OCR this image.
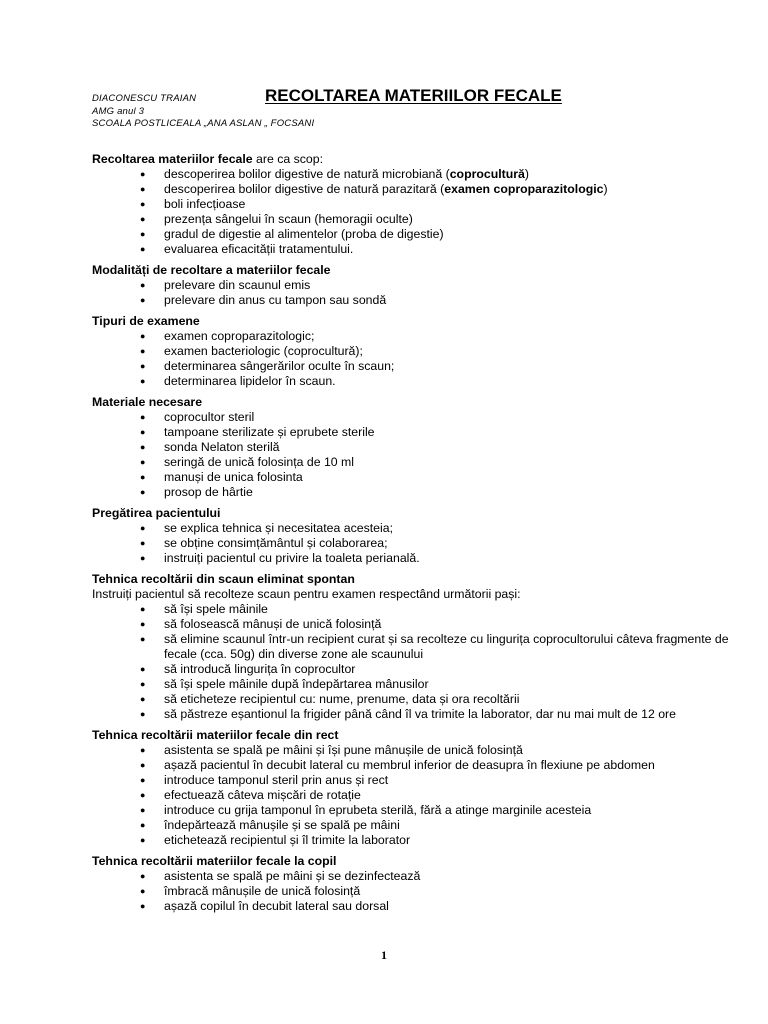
DIACONESCU TRAIAN
AMG anul 3
SCOALA POSTLICEALA „ANA ASLAN „ FOCSANI
RECOLTAREA MATERIILOR FECALE
Recoltarea materiilor fecale are ca scop:
● descoperirea bolilor digestive de natură microbiană (coprocultură)
● descoperirea bolilor digestive de natură parazitară (examen coproparazitologic)
● boli infecțioase
● prezența sângelui în scaun (hemoragii oculte)
● gradul de digestie al alimentelor (proba de digestie)
● evaluarea eficacității tratamentului.
Modalități de recoltare a materiilor fecale
● prelevare din scaunul emis
● prelevare din anus cu tampon sau sondă
Tipuri de examene
● examen coproparazitologic;
● examen bacteriologic (coprocultură);
● determinarea sângerărilor oculte în scaun;
● determinarea lipidelor în scaun.
Materiale necesare
● coprocultor steril
● tampoane sterilizate și eprubete sterile
● sonda Nelaton sterilă
● seringă de unică folosința de 10 ml
● manuși de unica folosinta
● prosop de hârtie
Pregătirea pacientului
● se explica tehnica și necesitatea acesteia;
● se obține consimțământul și colaborarea;
● instruiți pacientul cu privire la toaleta perianală.
Tehnica recoltării din scaun eliminat spontan
Instruiți pacientul să recolteze scaun pentru examen respectând următorii pași:
● să își spele mâinile
● să folosească mânuși de unică folosință
● să elimine scaunul într-un recipient curat și sa recolteze cu lingurița coprocultorului câteva fragmente de fecale (cca. 50g) din diverse zone ale scaunului
● să introducă lingurița în coprocultor
● să își spele mâinile după îndepărtarea mânusilor
● să eticheteze recipientul cu: nume, prenume, data și ora recoltării
● să păstreze eșantionul la frigider până când îl va trimite la laborator, dar nu mai mult de 12 ore
Tehnica recoltării materiilor fecale din rect
● asistenta se spală pe mâini și își pune mânușile de unică folosință
● așază pacientul în decubit lateral cu membrul inferior de deasupra în flexiune pe abdomen
● introduce tamponul steril prin anus și rect
● efectuează câteva mișcări de rotație
● introduce cu grija tamponul în eprubeta sterilă, fără a atinge marginile acesteia
● îndepărtează mânușile și se spală pe mâini
● etichetează recipientul și îl trimite la laborator
Tehnica recoltării materiilor fecale la copil
● asistenta se spală pe mâini și se dezinfectează
● îmbracă mânușile de unică folosință
● așază copilul în decubit lateral sau dorsal
1
